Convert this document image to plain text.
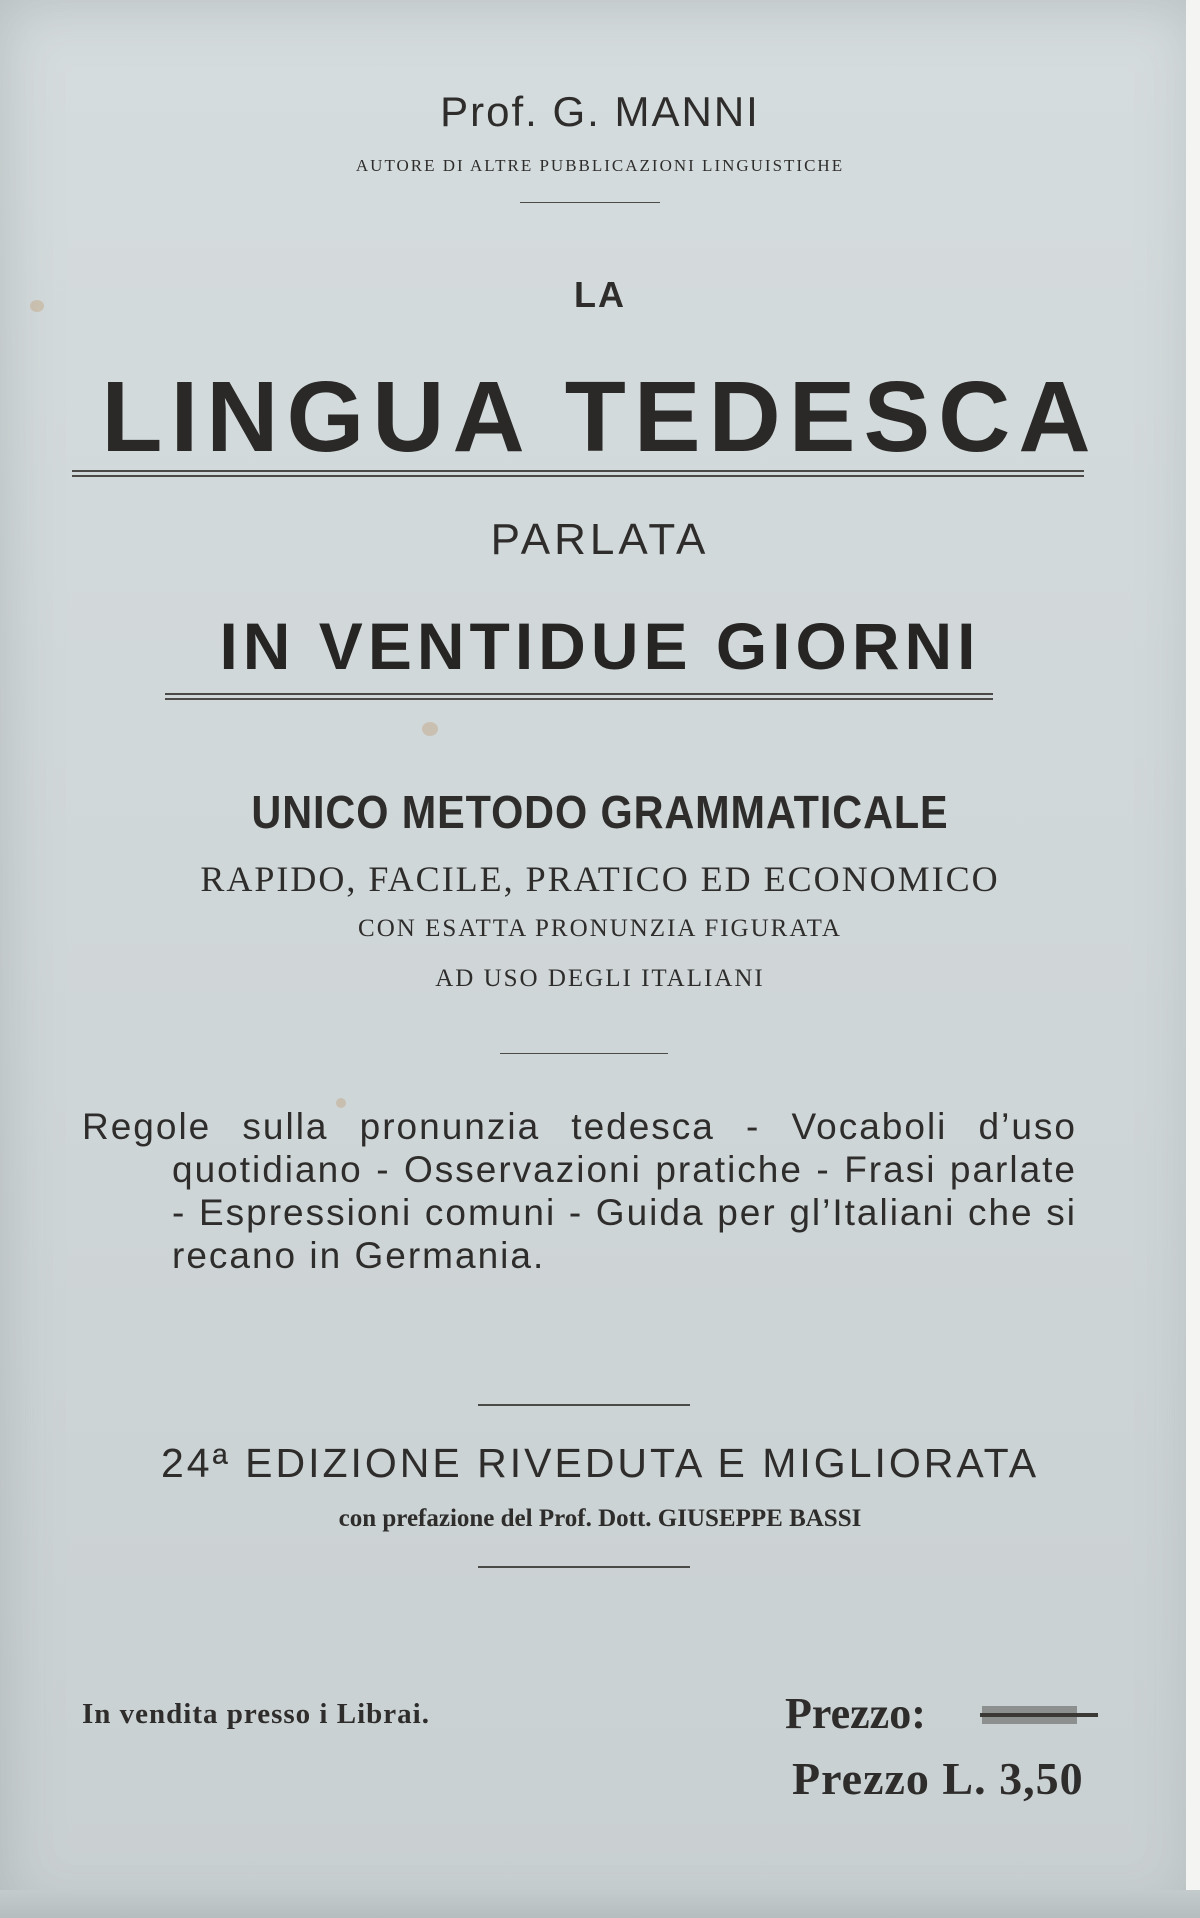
Prof. G. MANNI
AUTORE DI ALTRE PUBBLICAZIONI LINGUISTICHE
LA
LINGUA TEDESCA
PARLATA
IN VENTIDUE GIORNI
UNICO METODO GRAMMATICALE
RAPIDO, FACILE, PRATICO ED ECONOMICO
CON ESATTA PRONUNZIA FIGURATA
AD USO DEGLI ITALIANI
Regole sulla pronunzia tedesca - Vocaboli d’uso quotidiano - Osservazioni pratiche - Frasi parlate - Espressioni comuni - Guida per gl’Italiani che si recano in Germania.
24ª EDIZIONE RIVEDUTA E MIGLIORATA
con prefazione del Prof. Dott. GIUSEPPE BASSI
In vendita presso i Librai.	Prezzo:
Prezzo L. 3,50
